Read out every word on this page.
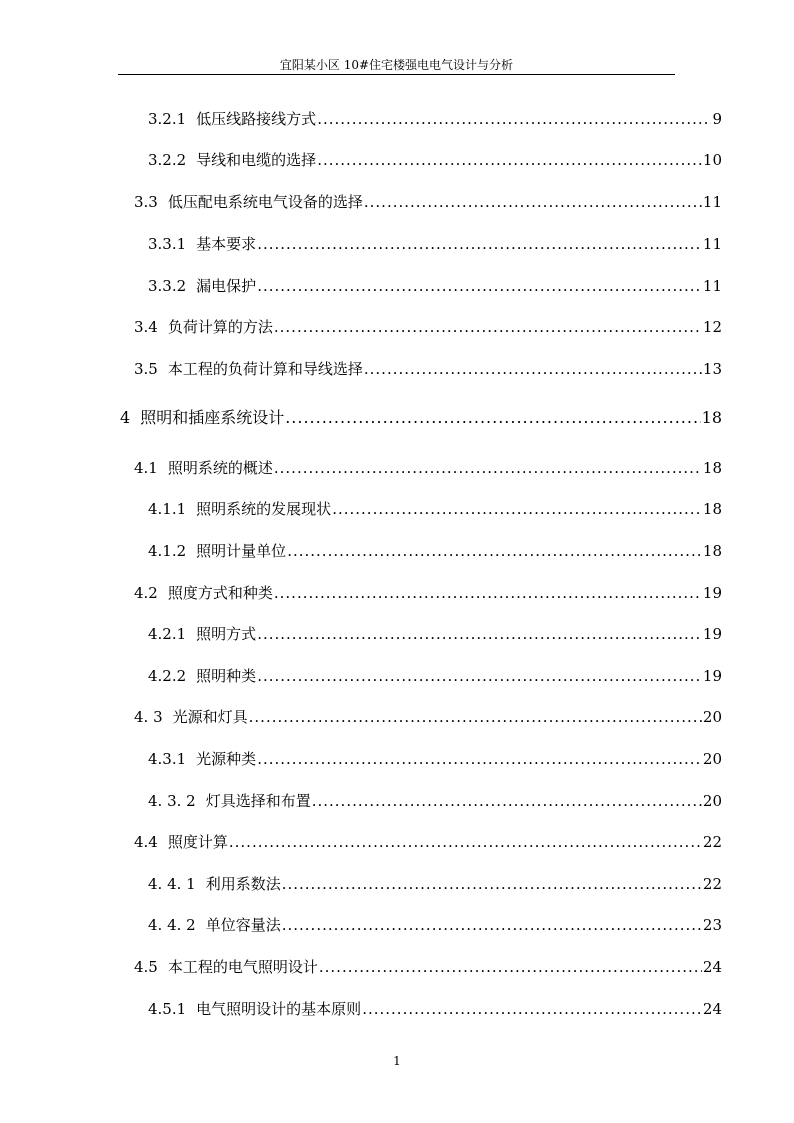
宜阳某小区 10#住宅楼强电电气设计与分析
3.2.1 低压线路接线方式 .....	9
3.2.2 导线和电缆的选择 .....	10
3.3 低压配电系统电气设备的选择 .....	11
3.3.1 基本要求 .....	11
3.3.2 漏电保护 .....	11
3.4 负荷计算的方法 .....	12
3.5 本工程的负荷计算和导线选择 .....	13
4 照明和插座系统设计 .....	18
4.1 照明系统的概述 .....	18
4.1.1 照明系统的发展现状 .....	18
4.1.2 照明计量单位 .....	18
4.2 照度方式和种类 .....	19
4.2.1 照明方式 .....	19
4.2.2 照明种类 .....	19
4. 3 光源和灯具 .....	20
4.3.1 光源种类 .....	20
4. 3. 2 灯具选择和布置 .....	20
4.4 照度计算 .....	22
4. 4. 1 利用系数法 .....	22
4. 4. 2 单位容量法 .....	23
4.5 本工程的电气照明设计 .....	24
4.5.1 电气照明设计的基本原则 .....	24
1
